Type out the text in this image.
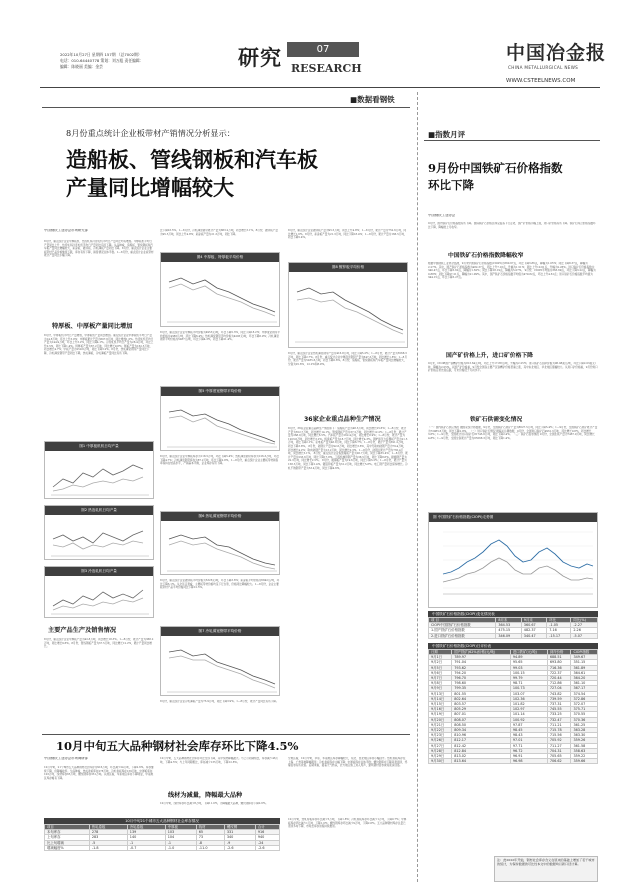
2022年10月27日 星期四 157期 （总7002期）
电话：010-64440778 策划：刘万彪 责任编辑：
编辑：陈晓丽 美编：金芸	研究 RESEARCH
07	中国冶金报
CHINA METALLURGICAL NEWS
WWW.CSTEELNEWS.COM
■数据看钢铁
8月份重点统计企业板带材产销情况分析显示：
造船板、管线钢板和汽车板
产量同比增幅较大
中国钢铁工业协会市场研究部
8月份，重点统计企业中厚板机、热连轧和冷连轧机平均日产量环比均有增加。中厚板机平均日产量同比上升，热连轧和冷连轧机平均日产量同比有所下降。从品种看，造船板、管线钢板和汽车板产量同比增幅较大，彩涂板、镀锌板、冷轧薄板产量同比下降。8月份，重点统计企业主要板带材产品价格继续下跌，库存有所下降，销售情况总体平稳。1—8月份，重点统计企业板带材累计产量同比小幅下降。
特厚板、中厚板产量同比增加
8月份，中厚板机平均日产量增加，中厚板机产量同比增加。重点统计企业中厚板机平均日产量为14.8万吨，环比上升3.0%；中厚板累计产量为607.6万吨，同比增加1.5%。热连轧机平均日产量为144.9万吨，环比上升3.2%，同比下降4.1%。冷连轧机平均日产量为28.4万吨，环比上升0.5%，同比下降1.4%。特厚板产量为67.2万吨，同比增长9.8%；厚板产量为162.5万吨，同比增长4.7%；中板产量为259.6万吨，同比下降3.2%。8月份，热轧薄宽钢带产量同比下降，冷轧薄宽钢带产量同比下降，热轧薄板、冷轧薄板产量同比有所下降。
图1 中厚板机机日均产量
图2 热连轧机日均产量
图3 冷连轧机日均产量
主要产品生产及销售情况
8月份，重点统计企业中厚板产量为42.8万吨，同比增长18.3%。1—8月份，累计产量为368.2万吨，同比增长9.6%。8月份，管线钢板产量为37.5万吨，同比增长12.2%，累计产量同比增长。
比下降23.5%。1—8月份，冷轧薄宽钢带累计产量为863.2万吨，同比增长3.1%。8月份，镀锌板产量为95.5万吨，同比上升4.8%；彩涂板产量为21.3万吨，同比下降。
图4 中厚板、特厚板平均价格
8月份，重点统计企业中厚板平均价格为4953元/吨，环比下降5.3%，同比下降18.2%；中厚度宽钢带平均价格为4386元/吨，环比下降6.4%；热轧薄宽钢带平均价格为4295元/吨，环比下降6.9%；冷轧薄宽钢带平均价格为5087元/吨，环比下降4.3%，同比下降21.4%。
图5 中厚度宽钢带平均价格
8月份，重点统计企业中厚板库存为118.5万吨，环比下降5.4%；热轧薄宽钢带库存为126.3万吨，环比下降4.7%；冷轧薄宽钢带库存为87.2万吨，环比下降2.8%。1—8月份，重点统计企业主要板带材销售率保持在较高水平，产销基本平衡，企业库存有所下降。
图6 热轧薄宽钢带平均价格
8月份，重点统计企业镀锌板平均价格为5326元/吨，环比下降3.6%；彩涂板平均价格为6842元/吨，环比下降3.1%。从全年走势看，主要板带材价格均呈下行态势，价格同比降幅较大。1—8月份，企业主要板带材产品平均价格同比下降12.5%。
图7 冷轧薄宽钢带平均价格
8月份，重点统计企业冷轧薄板产量为73.9万吨，同比下降3.9%。1—8月份，累计产量同比有所下降。
8月份，重点统计企业镀锌板产量为95.5万吨，同比上升4.8%；1—8月份，累计产量为752.6万吨，同比增长1.6%。8月份，彩涂板产量为21.3万吨，同比下降18.4%；1—8月份，累计产量为166.5万吨，同比下降5.4%。
图8 镀锌板平均价格
8月份，重点统计企业热轧薄宽钢带产量为416.8万吨，同比下降5.2%；1—8月份，累计产量为3568.3万吨，同比下降2.7%。8月份，重点统计企业中厚度宽钢带产量为647.3万吨，同比增长1.8%；1—8月份，累计产量为5285.6万吨，同比下降0.6%。8月份，造船板、管线钢板和汽车板产量同比增幅较大，分别为25.6%、12.2%和8.9%。
36家企业重点品种生产情况
8月份，36家企业重点品种生产情况如下：造船板产量为48.3万吨，同比增长25.6%；1—8月份，累计产量为352.7万吨，同比增长14.1%。管线钢板产量为37.5万吨，同比增长12.2%；1—8月份，累计产量为268.9万吨，同比增长6.5%。汽车板产量为162.4万吨，同比增长8.9%；1—8月份，累计产量为1203.6万吨，同比增长3.2%。桥梁板产量为18.7万吨，同比增长4.3%。锅炉和压力容器板产量为21.5万吨，同比下降2.1%。家电板产量为46.8万吨，同比下降6.7%；1—8月份，累计产量为391.2万吨，同比下降3.8%。 8月份，硅钢片产量为92.6万吨，同比增长3.6%，其中无取向硅钢产量为79.4万吨，同比增长4.2%；取向硅钢产量为13.2万吨，同比增长0.3%。1—8月份，硅钢片累计产量为735.4万吨，同比增长5.1%。 8月份，重点统计企业集装箱板产量为26.7万吨，同比下降35.4%；1—8月份，累计产量为233.6万吨，同比下降17.8%。工程机械用钢产量为38.5万吨，同比下降8.6%。耐候钢产量为22.3万吨，同比增长2.5%。 8月份，镀锡板产量为19.6万吨，同比下降3.2%；1—8月份，累计产量为158.3万吨，同比下降1.4%。镀铝锌板产量为31.2万吨，同比增长5.8%。电工钢产量同比保持增长。冷轧不锈钢带产量为53.4万吨，同比下降4.6%。
■指数月评
9月份中国铁矿石价格指数
环比下降
中国钢铁工业协会
9月份，国内铁矿石价格指数有所下降。国际铁矿石价格总体呈震荡下行走势，国产矿价格小幅上涨，进口矿价格有所下降。铁矿石综合价格指数环比下降，降幅较上月收窄。
中国铁矿石价格指数降幅收窄
根据中国钢铁工业协会监测，9月末中国铁矿石价格指数(CIOPI)为360.67点，环比下降3.86点，降幅为1.05%；同比下降8.37点，降幅为2.27%。其中，国产铁矿石价格指数为482.37点，环比上升7.16点，升幅为1.51%；同比上升10.61点，升幅为2.26%。进口铁矿石价格指数为340.47点，环比下降5.62点，降幅为1.62%；同比下降18.19点，降幅为5.07%。 9月份，CIOPI平均值为363.69点，环比下降3.22点，降幅为0.88%；同比下降97.21点，降幅为21.09%。其中，国产铁矿石价格指数平均值为479.82点，环比上升4.61点；进口铁矿石价格指数平均值为344.15点，环比下降5.27点。
国产矿价格上升，进口矿价格下降
9月末，CIOPI国产铁精矿价格为813.64元/吨，环比上升17.88元/吨，升幅为2.25%；进口铁矿石到岸价格为96.98美元/吨，环比下降2.03美元/吨，降幅为2.05%。从国产矿价格看，9月份全国各主要产区铁精矿价格普遍上涨，其中东北地区、华北地区涨幅较大。从进口矿价格看，9月份进口矿价格走势先涨后跌，月末价格低于月初水平。
铁矿石供需变化情况
（一）国内铁矿石供应情况 据国家统计局数据，9月份，全国铁矿石原矿产量为8627.5万吨，同比下降5.4%；1—9月份，全国铁矿石原矿累计产量为72985.6万吨，同比下降2.9%。 （二）进口铁矿石情况 据海关总署数据，9月份，全国进口铁矿石9931.3万吨，环比增长0.8%，同比增长3.6%；1—9月份，全国累计进口铁矿石81745.6万吨，同比下降2.4%。 （三）铁矿石需求情况 9月份，全国生铁产量为7467.9万吨，同比增长4.8%；1—9月份，全国生铁累计产量为65568.3万吨，同比下降1.4%。
图 中国铁矿石价格指数(CIOPI)走势图
中国铁矿石价格指数(CIOPI)变化情况表
项 目	8月末	9月末	环比	同比(%)
CIOPI中国铁矿石价格指数	364.53	360.67	-1.05	-2.27
1.国产铁矿石价格指数	475.15	482.37	7.16	2.26
2.进口铁矿石价格指数	346.09	340.47	-15.17	-5.07
中国铁矿石价格指数(CIOPI)日评价表
日期	国产铁矿(62%)价格(元/吨)	进口铁矿(元/吨)	到岸价格	CIOPI指数
9月1日	789.97	94.89	688.51	349.67
9月2日	791.04	95.65	693.80	351.15
9月5日	793.62	99.03	716.36	361.89
9月6日	794.20	100.15	722.37	364.61
9月7日	796.70	99.79	720.44	364.20
9月8日	798.60	98.71	712.86	361.10
9月9日	799.35	100.73	727.04	367.17
9月13日	801.55	103.07	743.82	374.54
9月14日	802.64	102.36	739.59	372.86
9月15日	803.57	101.82	737.31	372.07
9月16日	805.29	102.97	745.55	375.71
9月19日	807.01	101.14	733.25	370.55
9月20日	808.07	100.92	732.47	370.36
9月21日	808.50	97.87	711.21	361.25
9月22日	809.34	98.45	715.78	363.28
9月23日	810.96	98.43	715.56	363.30
9月26日	812.17	97.01	705.92	359.26
9月27日	812.42	97.71	711.27	361.58
9月28日	812.84	96.72	704.31	358.63
9月29日	813.02	96.91	705.65	359.22
9月30日	813.64	96.98	706.62	359.66
注：此2022年开始，钢材社会库存含义在原来的基础上增加了若干城市的统计，为保持数据的可比性本文中的数据均以新口径计算。
10月中旬五大品种钢材社会库存环比下降4.5%
中国钢铁工业协会市场调研部
10月中旬，21个城市五大品种钢材社会库存为916万吨，环比减少24万吨，下降2.6%。库存继续下降，但降幅收窄。分品种看，热轧卷板库存278万吨，冷轧卷板库存139万吨，中厚板库存103万吨，线材库存65万吨，螺纹钢库存331万吨。从地区看，华东地区库存下降明显，中南地区库存略有下降。
10月中旬，五大品种钢材社会库存环比全部下降，其中线材降幅最大。与上月同期相比，库存减少46万吨，下降4.5%；与上年同期相比，库存减少135万吨，下降12.8%。
线材为减量，降幅最大品种
10月中旬，线材库存环比减少8万吨，下降11.0%，为降幅最大品种，螺纹钢库存下降2.6%。
分地区看，10月中旬，华东、华南地区库存降幅较大，东北、西北地区库存小幅回升。热轧卷板库存在上海、广州等地降幅明显；冷轧卷板库存小幅下降；中厚板库存总体平稳；螺纹钢库存下降趋势延续，终端需求有所改善。后期来看，随着天气转凉，北方地区施工进入尾声，建筑钢材需求或将逐步回落。
10月中旬21个城市五大品种钢材社会库存情况
项目	热轧卷板	冷轧卷板	中厚板	线材	螺纹钢	合计
本旬库存	278	139	103	65	331	916
上旬库存	283	140	104	73	340	940
比上旬增减	-5	-1	-1	-8	-9	-24
增减幅度%	-1.8	-0.7	-1.0	-11.0	-2.6	-2.6
10月中旬，热轧卷板库存环比减少5万吨，下降1.8%；冷轧卷板库存环比减少1万吨，下降0.7%；中厚板库存环比减少1万吨，下降1.0%；螺纹钢库存环比减少9万吨，下降2.6%。五大品种钢材库存总量已连续多旬下降，市场去库存进程持续推进。
